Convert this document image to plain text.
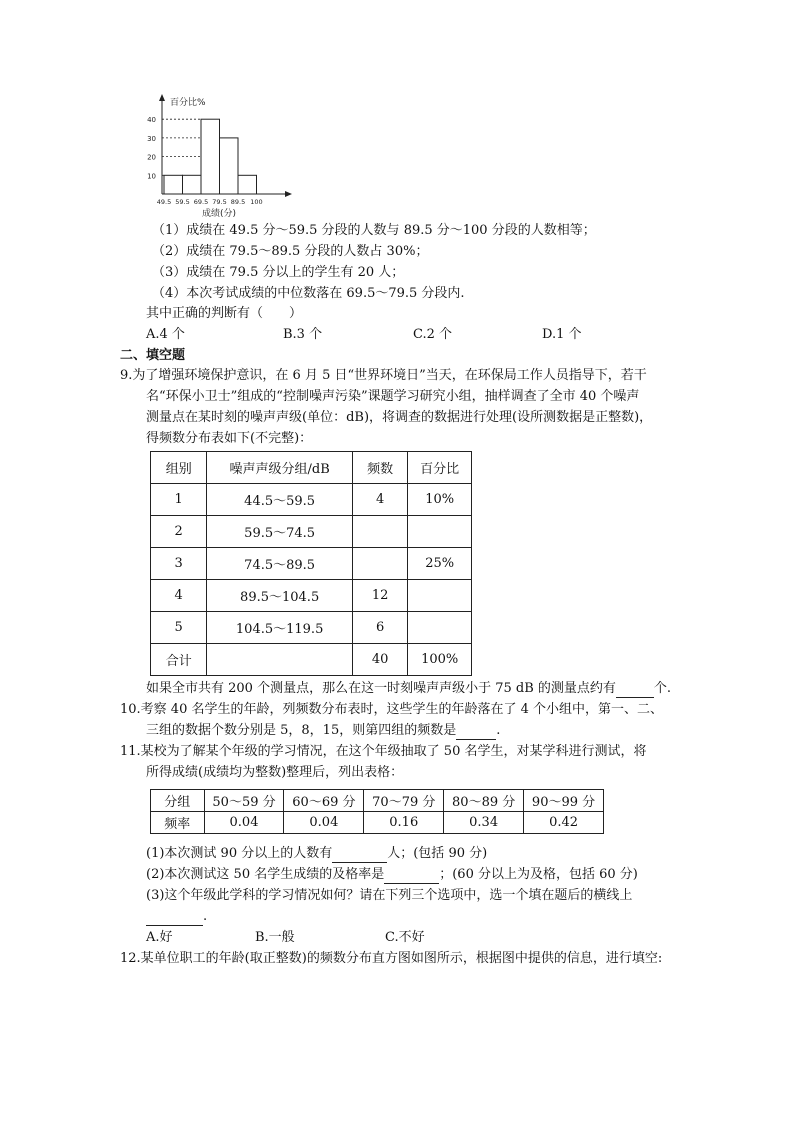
10
20
30
40
49.5 59.5 69.5 79.5 89.5 100
百分比%
成绩(分)
（1）成绩在 49.5 分～59.5 分段的人数与 89.5 分～100 分段的人数相等；
（2）成绩在 79.5～89.5 分段的人数占 30%；
（3）成绩在 79.5 分以上的学生有 20 人；
（4）本次考试成绩的中位数落在 69.5～79.5 分段内.
其中正确的判断有（　　）
A.4 个	B.3 个	C.2 个	D.1 个
二、填空题
9.为了增强环境保护意识，在 6 月 5 日“世界环境日”当天，在环保局工作人员指导下，若干
名“环保小卫士”组成的“控制噪声污染”课题学习研究小组，抽样调查了全市 40 个噪声
测量点在某时刻的噪声声级(单位：dB)，将调查的数据进行处理(设所测数据是正整数)，
得频数分布表如下(不完整)：
组别	噪声声级分组/dB	频数	百分比
1	44.5～59.5	4	10%
2	59.5～74.5		
3	74.5～89.5		25%
4	89.5～104.5	12	
5	104.5～119.5	6	
合计		40	100%
如果全市共有 200 个测量点，那么在这一时刻噪声声级小于 75 dB 的测量点约有	个.
10.考察 40 名学生的年龄，列频数分布表时，这些学生的年龄落在了 4 个小组中，第一、二、
三组的数据个数分别是 5，8，15，则第四组的频数是	.
11.某校为了解某个年级的学习情况，在这个年级抽取了 50 名学生，对某学科进行测试，将
所得成绩(成绩均为整数)整理后，列出表格：
分组	50～59 分	60～69 分	70～79 分	80～89 分	90～99 分
频率	0.04	0.04	0.16	0.34	0.42
(1)本次测试 90 分以上的人数有	人；(包括 90 分)
(2)本次测试这 50 名学生成绩的及格率是	；(60 分以上为及格，包括 60 分)
(3)这个年级此学科的学习情况如何？请在下列三个选项中，选一个填在题后的横线上
.
A.好	B.一般	C.不好
12.某单位职工的年龄(取正整数)的频数分布直方图如图所示，根据图中提供的信息，进行填空:
